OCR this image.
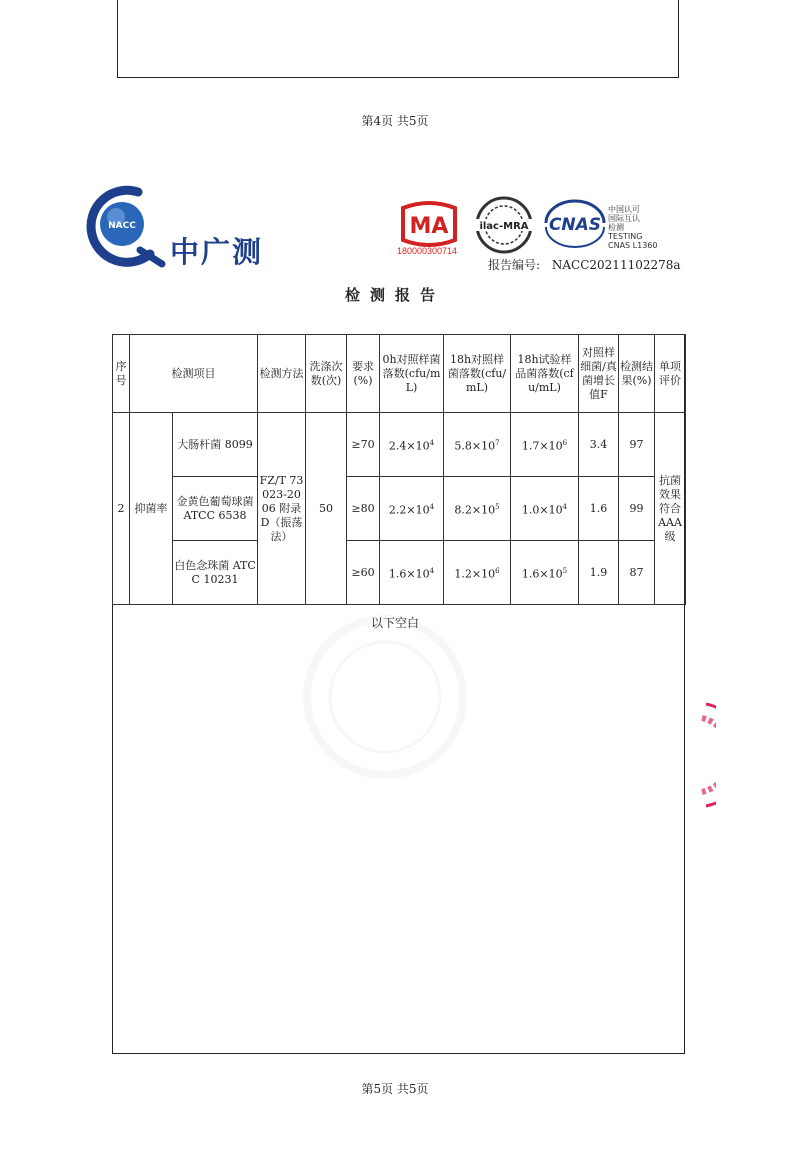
第4页 共5页
NACC
中广测
MA
180000300714
ilac-MRA CNAS
中国认可
国际互认
检测
TESTING
CNAS L1360
报告编号: NACC20211102278a
检测报告
序号	检测项目		检测方法	洗涤次数(次)	要求(%)	0h对照样菌落数(cfu/mL)	18h对照样菌落数(cfu/mL)	18h试验样品菌落数(cfu/mL)	对照样细菌/真菌增长值F	检测结果(%)	单项评价
2	抑菌率	大肠杆菌 8099	FZ/T 73023-2006 附录D（振荡法）	50	≥70	$2.4\times 10^4$	$5.8\times 10^7$	$1.7\times 10^6$	3.4	97	抗菌效果符合AAA级
		金黄色葡萄球菌 ATCC 6538			≥80	$2.2\times 10^4$	$8.2\times 10^5$	$1.0\times 10^4$	1.6	99	
		白色念珠菌 ATCC 10231			≥60	$1.6\times 10^4$	$1.2\times 10^6$	$1.6\times 10^5$	1.9	87	
以下空白
第5页 共5页
